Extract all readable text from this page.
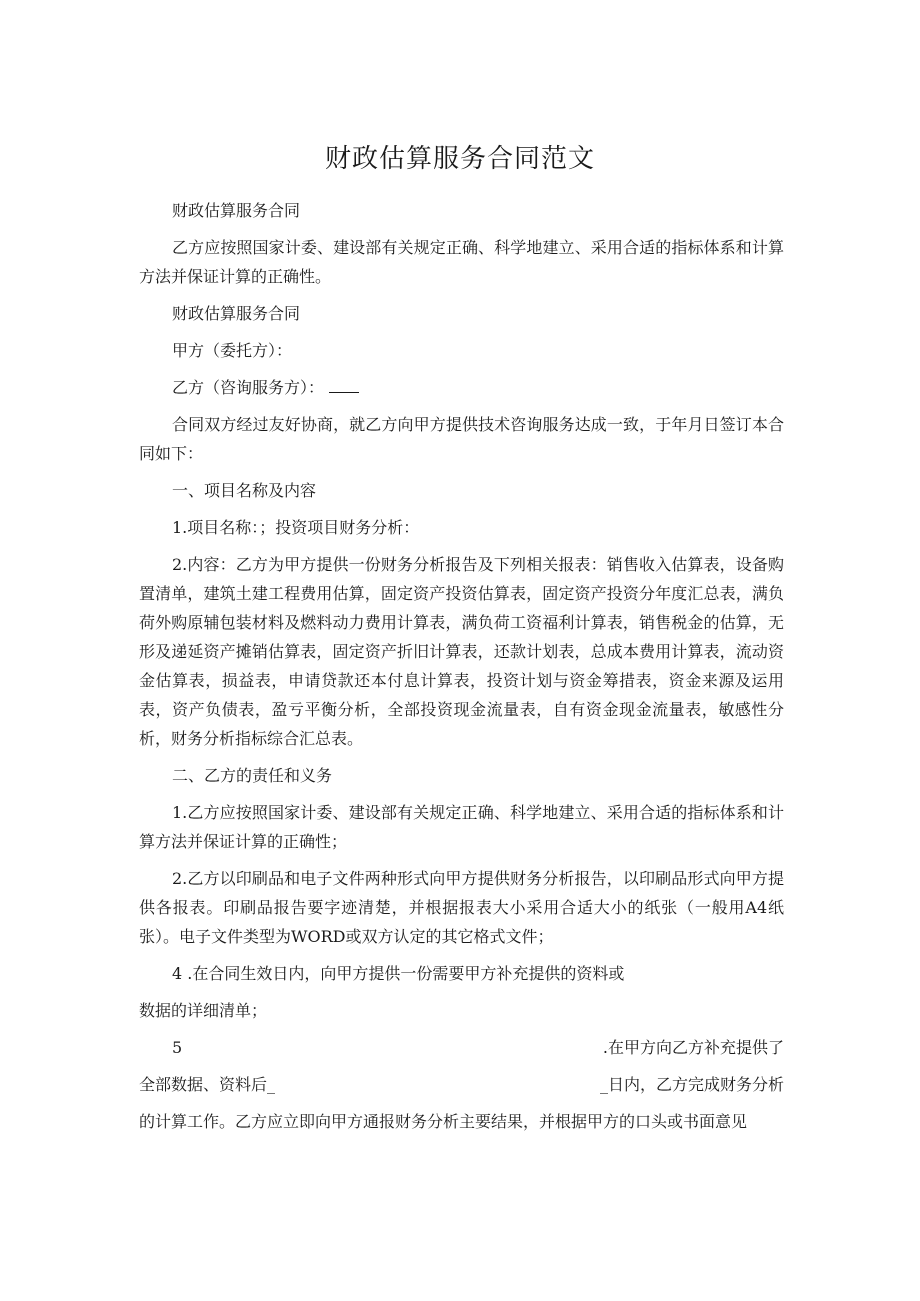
财政估算服务合同范文

财政估算服务合同

乙方应按照国家计委、建设部有关规定正确、科学地建立、采用合适的指标体系和计算方法并保证计算的正确性。

财政估算服务合同

甲方（委托方）：

乙方（咨询服务方）：

合同双方经过友好协商，就乙方向甲方提供技术咨询服务达成一致，于年月日签订本合同如下：

一、项目名称及内容

1.项目名称：；投资项目财务分析：

2.内容：乙方为甲方提供一份财务分析报告及下列相关报表：销售收入估算表，设备购置清单，建筑土建工程费用估算，固定资产投资估算表，固定资产投资分年度汇总表，满负荷外购原辅包装材料及燃料动力费用计算表，满负荷工资福利计算表，销售税金的估算，无形及递延资产摊销估算表，固定资产折旧计算表，还款计划表，总成本费用计算表，流动资金估算表，损益表，申请贷款还本付息计算表，投资计划与资金筹措表，资金来源及运用表，资产负债表，盈亏平衡分析，全部投资现金流量表，自有资金现金流量表，敏感性分析，财务分析指标综合汇总表。

二、乙方的责任和义务

1.乙方应按照国家计委、建设部有关规定正确、科学地建立、采用合适的指标体系和计算方法并保证计算的正确性；

2.乙方以印刷品和电子文件两种形式向甲方提供财务分析报告，以印刷品形式向甲方提供各报表。印刷品报告要字迹清楚，并根据报表大小采用合适大小的纸张（一般用A4纸张）。电子文件类型为WORD或双方认定的其它格式文件；

4 .在合同生效日内，向甲方提供一份需要甲方补充提供的资料或

数据的详细清单；

5	.在甲方向乙方补充提供了
全部数据、资料后_	_日内，乙方完成财务分析

的计算工作。乙方应立即向甲方通报财务分析主要结果，并根据甲方的口头或书面意见
